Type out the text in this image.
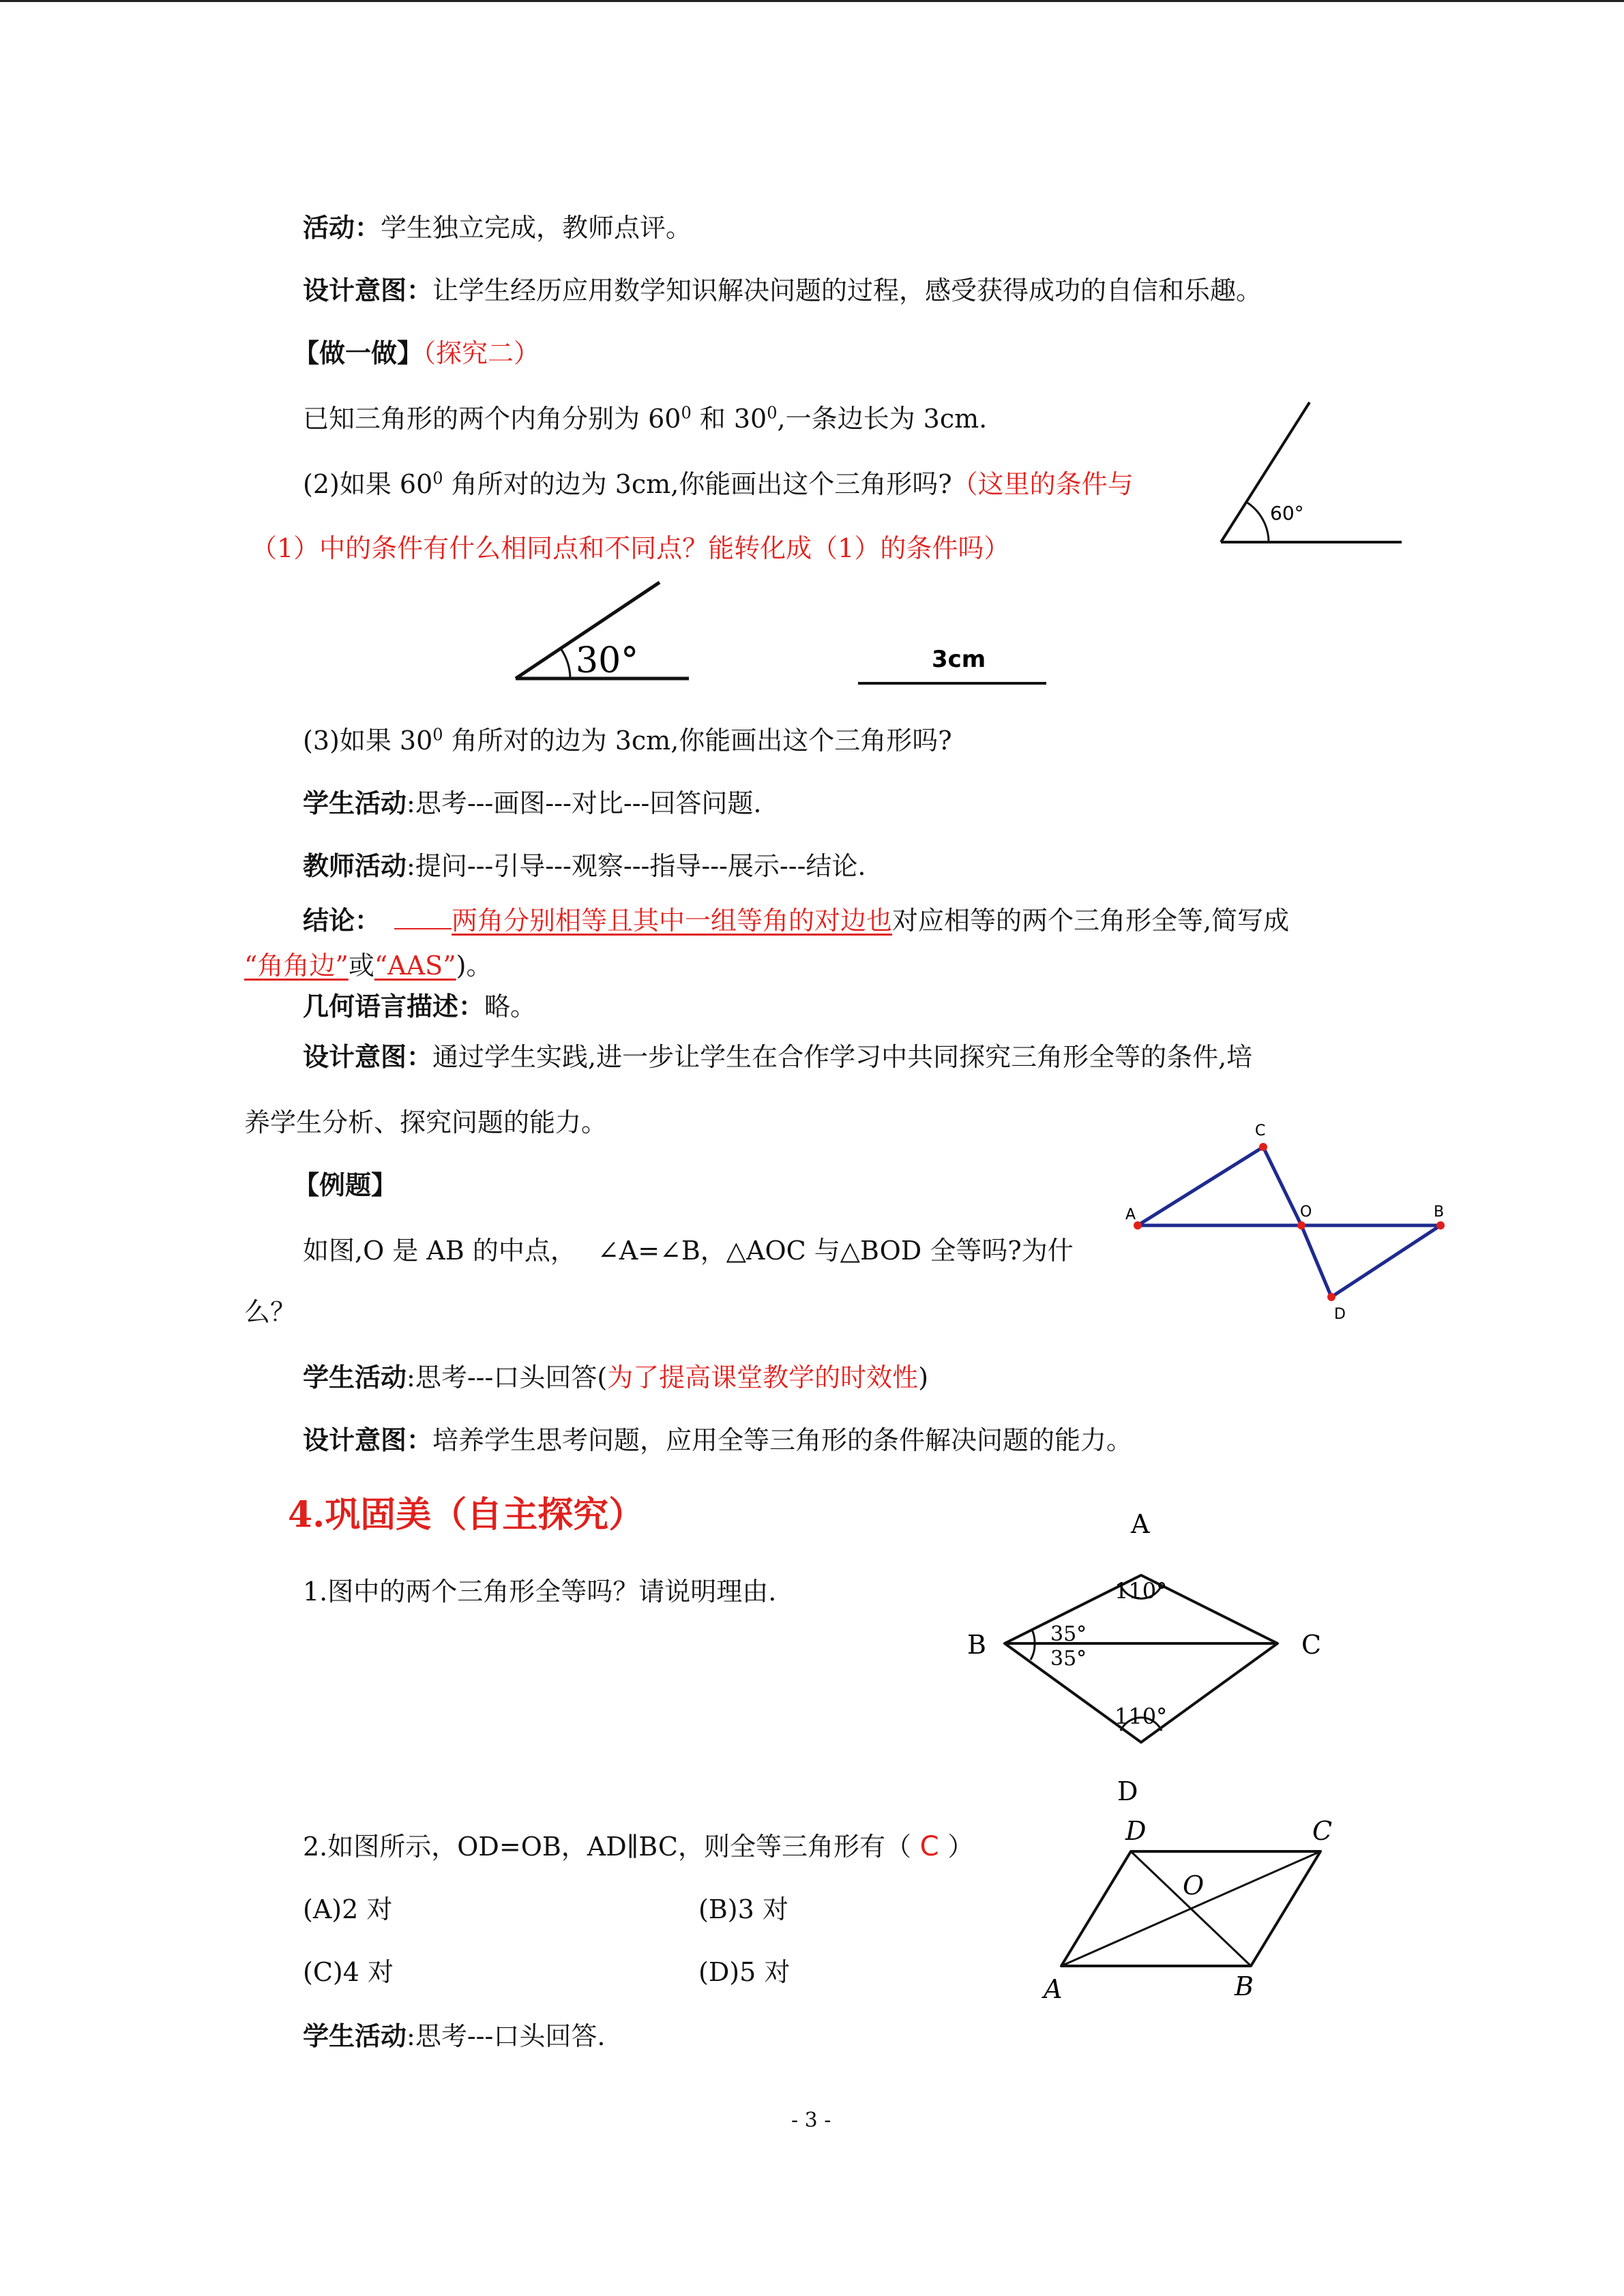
活动：学生独立完成，教师点评。
设计意图：让学生经历应用数学知识解决问题的过程，感受获得成功的自信和乐趣。
【做一做】（探究二）
已知三角形的两个内角分别为 $60^0$ 和 $30^0$,一条边长为 3cm.
(2)如果 $60^0$ 角所对的边为 3cm,你能画出这个三角形吗?（这里的条件与
（1）中的条件有什么相同点和不同点？能转化成（1）的条件吗）
60°
30°	3cm
(3)如果 $30^0$ 角所对的边为 3cm,你能画出这个三角形吗?
学生活动:思考---画图---对比---回答问题.
教师活动:提问---引导---观察---指导---展示---结论.
结论：	两角分别相等且其中一组等角的对边也对应相等的两个三角形全等,简写成
“角角边”或“AAS”)。
几何语言描述：略。
设计意图：通过学生实践,进一步让学生在合作学习中共同探究三角形全等的条件,培
养学生分析、探究问题的能力。
【例题】
如图,O 是 AB 的中点，　 ∠A=∠B，△AOC 与△BOD 全等吗?为什
么？
A
C
O	B
D
学生活动:思考---口头回答(为了提高课堂教学的时效性)
设计意图：培养学生思考问题，应用全等三角形的条件解决问题的能力。
4.巩固美（自主探究）
1.图中的两个三角形全等吗？请说明理由.	110°
110°
35°
35°
A
B	C
D
2.如图所示，OD=OB，AD∥BC，则全等三角形有（ C ）
(A)2 对	(B)3 对
(C)4 对	(D)5 对
D	C
O
A	B
学生活动:思考---口头回答.
- 3 -
